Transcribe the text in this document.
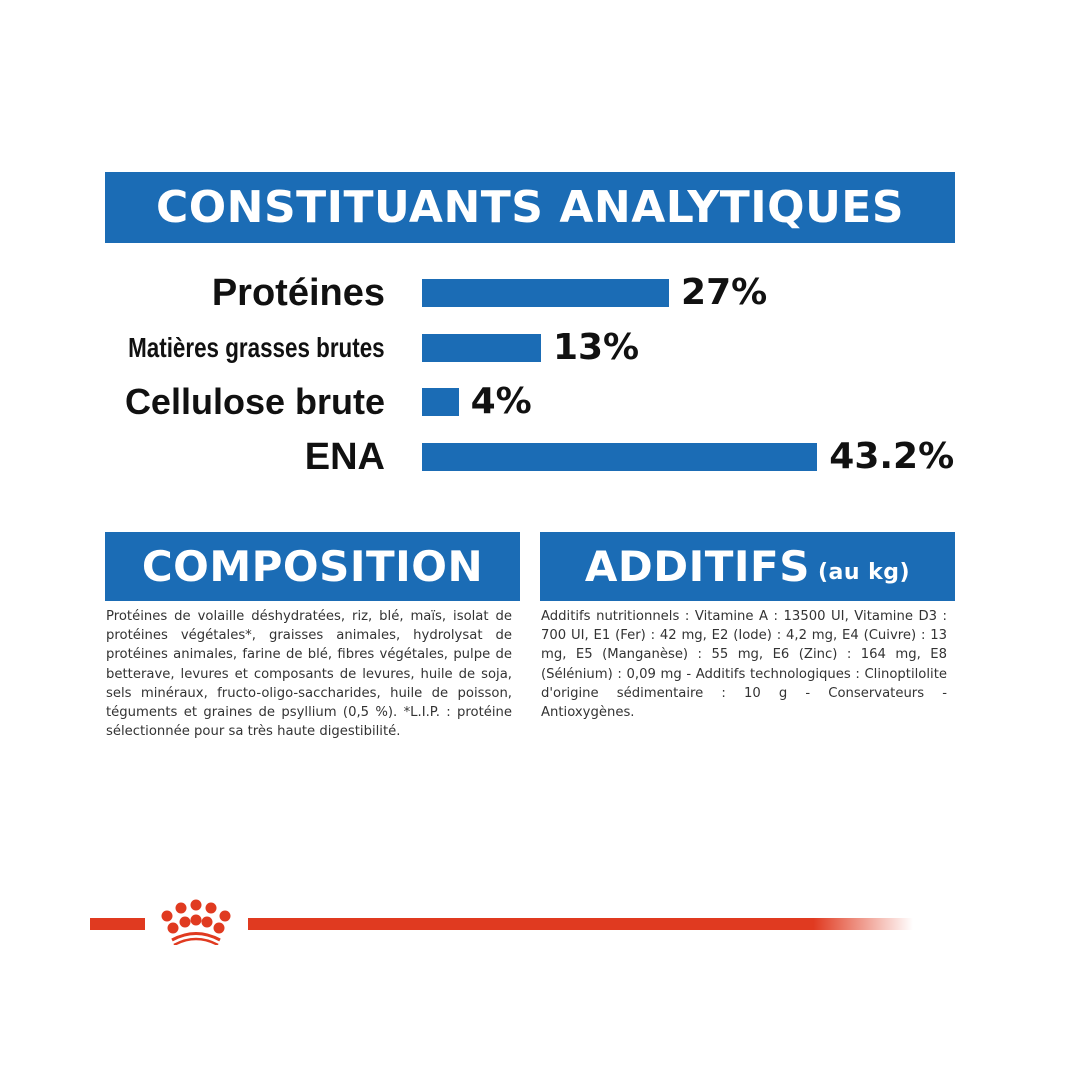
CONSTITUANTS ANALYTIQUES
Protéines	27%
Matières grasses brutes	13%
Cellulose brute 4%
ENA	43.2%
COMPOSITION ADDITIFS (au kg)
Protéines de volaille déshydratées, riz, blé, maïs, isolat de protéines végétales*, graisses animales, hydrolysat de protéines animales, farine de blé, fibres végétales, pulpe de betterave, levures et composants de levures, huile de soja, sels minéraux, fructo-oligo-saccharides, huile de poisson, téguments et graines de psyllium (0,5 %). *L.I.P. : protéine sélectionnée pour sa très haute digestibilité.
Additifs nutritionnels : Vitamine A : 13500 UI, Vitamine D3 : 700 UI, E1 (Fer) : 42 mg, E2 (Iode) : 4,2 mg, E4 (Cuivre) : 13 mg, E5 (Manganèse) : 55 mg, E6 (Zinc) : 164 mg, E8 (Sélénium) : 0,09 mg - Additifs technologiques : Clinoptilolite d'origine sédimentaire : 10 g - Conservateurs - Antioxygènes.
